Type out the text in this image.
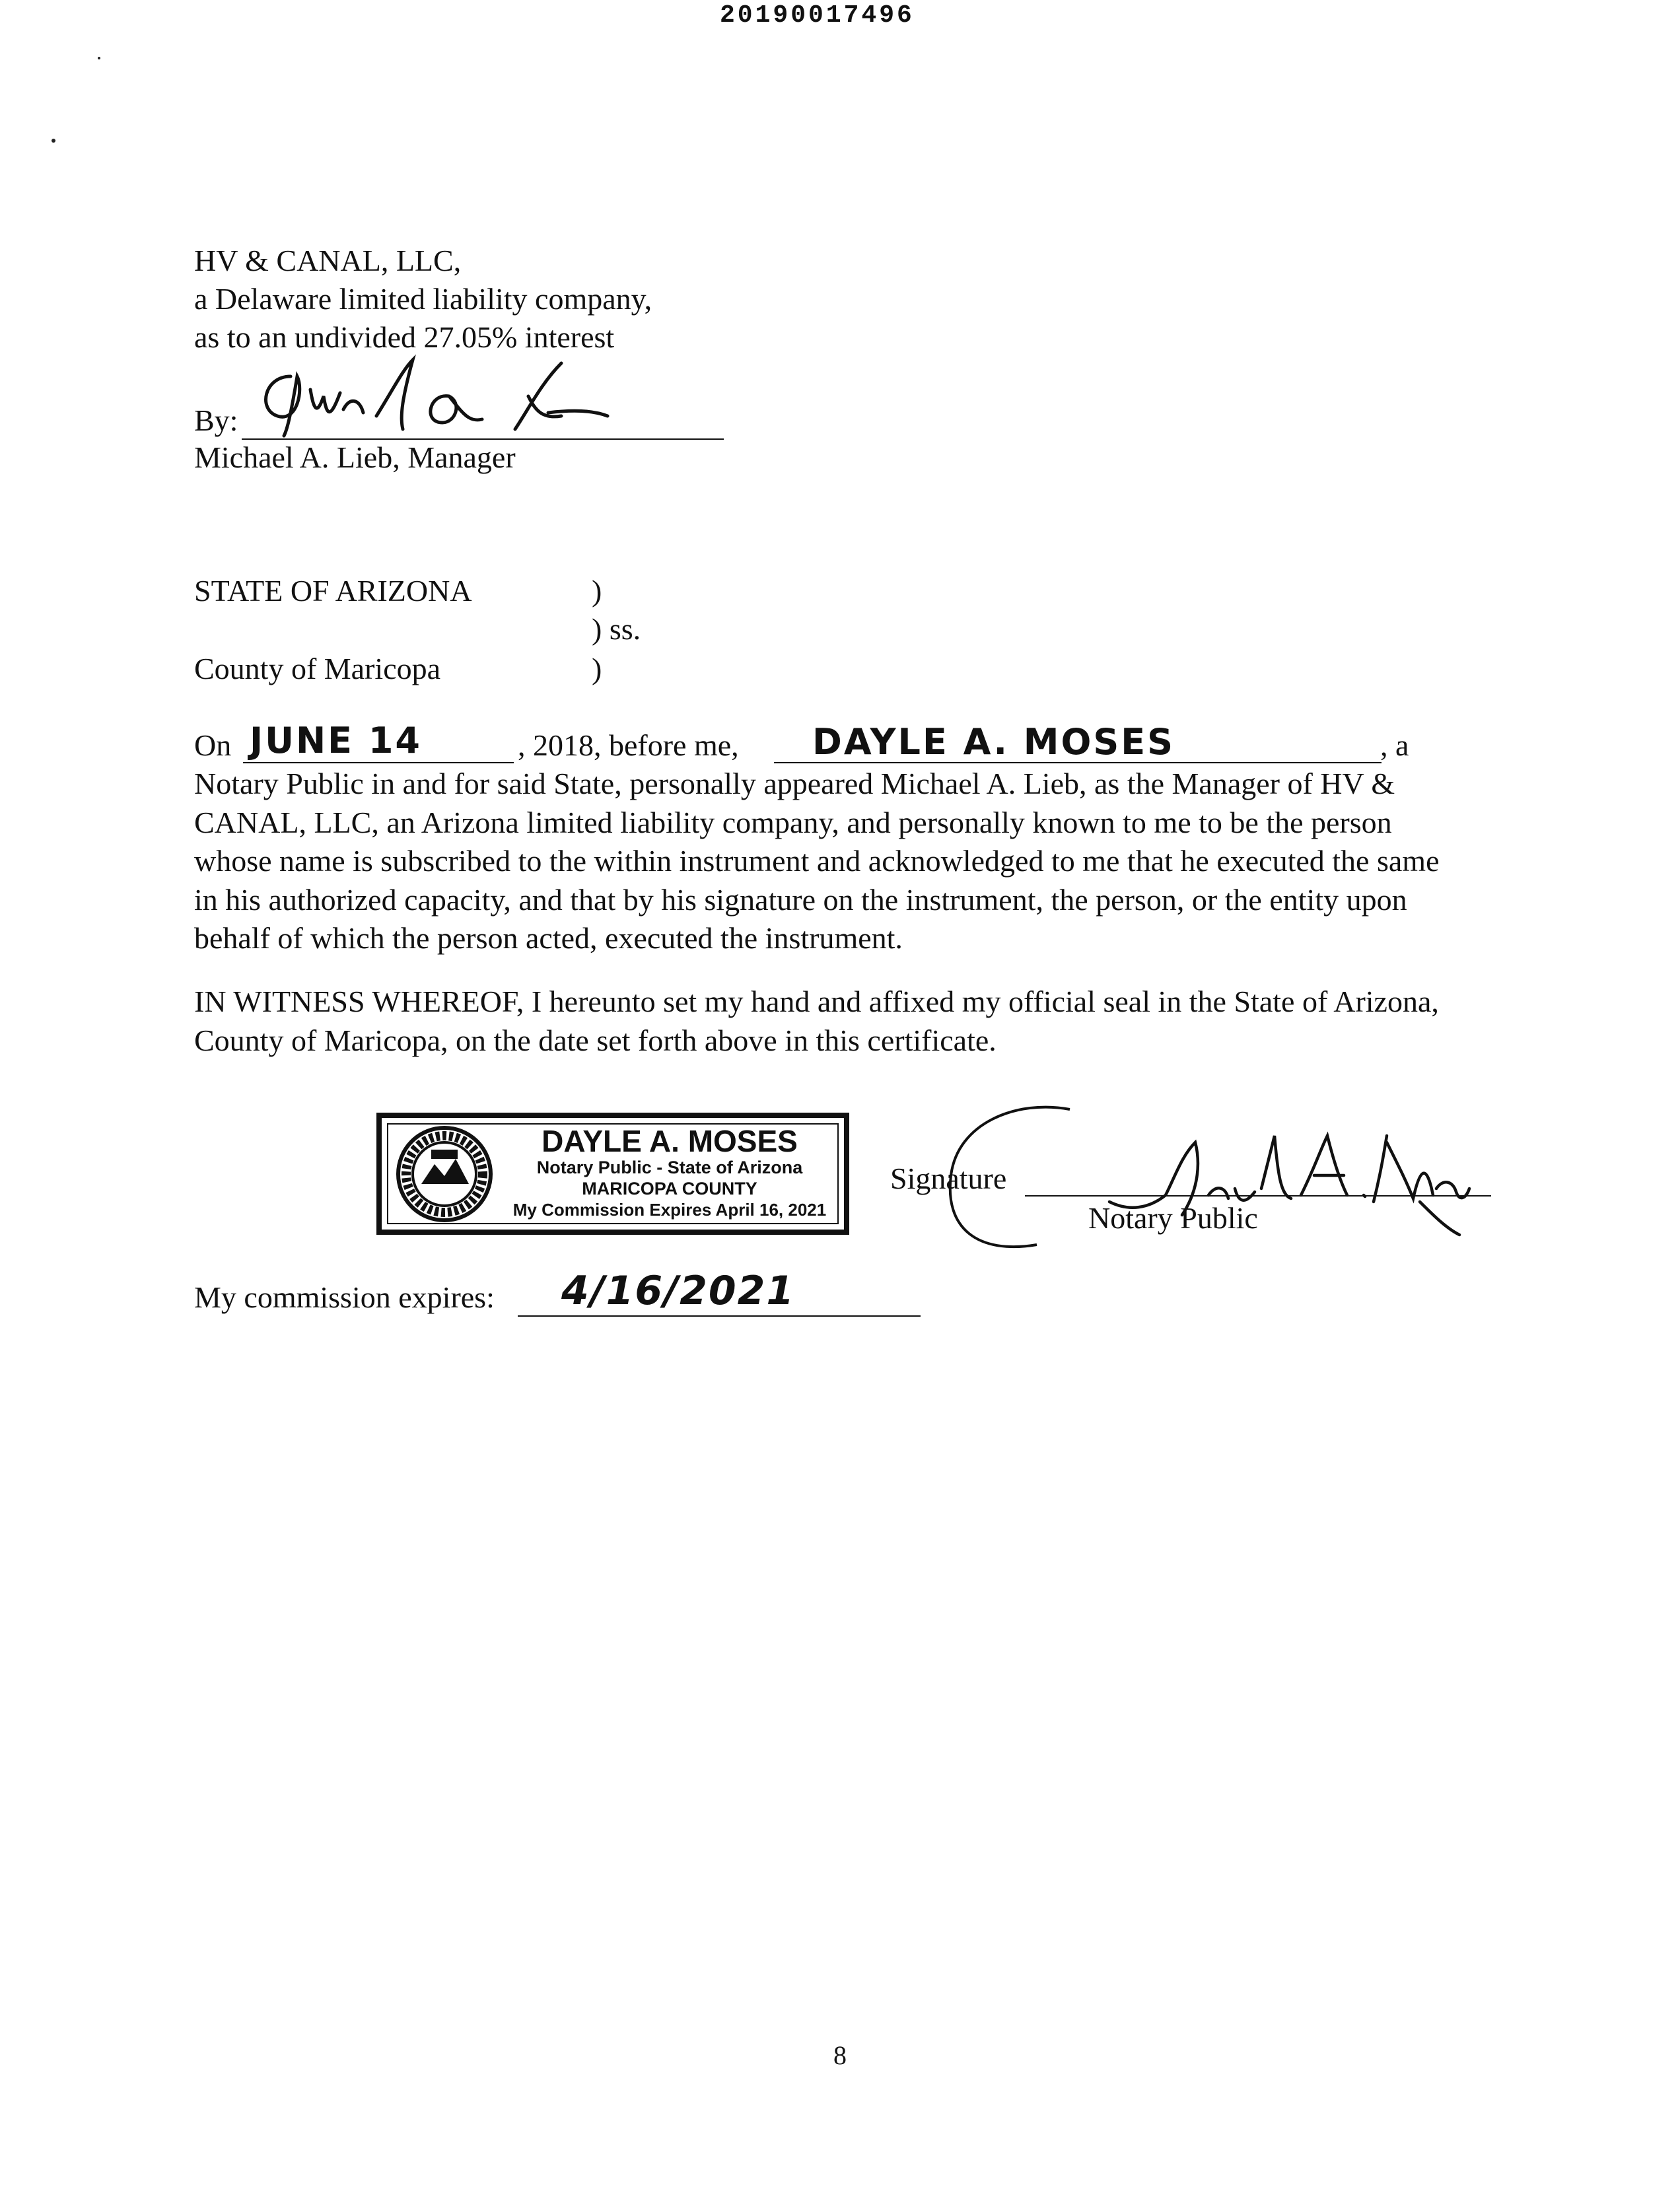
20190017496
HV & CANAL, LLC,
a Delaware limited liability company,
as to an undivided 27.05% interest
By:
Michael A. Lieb, Manager
STATE OF ARIZONA	)
) ss.
County of Maricopa	)
On JUNE 14	, 2018, before me, DAYLE A. MOSES	, a
Notary Public in and for said State, personally appeared Michael A. Lieb, as the Manager of HV & CANAL, LLC, an Arizona limited liability company, and personally known to me to be the person whose name is subscribed to the within instrument and acknowledged to me that he executed the same in his authorized capacity, and that by his signature on the instrument, the person, or the entity upon behalf of which the person acted, executed the instrument.
IN WITNESS WHEREOF, I hereunto set my hand and affixed my official seal in the State of Arizona, County of Maricopa, on the date set forth above in this certificate.
DAYLE A. MOSES
Notary Public - State of Arizona
MARICOPA COUNTY
My Commission Expires April 16, 2021
Signature
Notary Public
My commission expires: 4/16/2021
8
